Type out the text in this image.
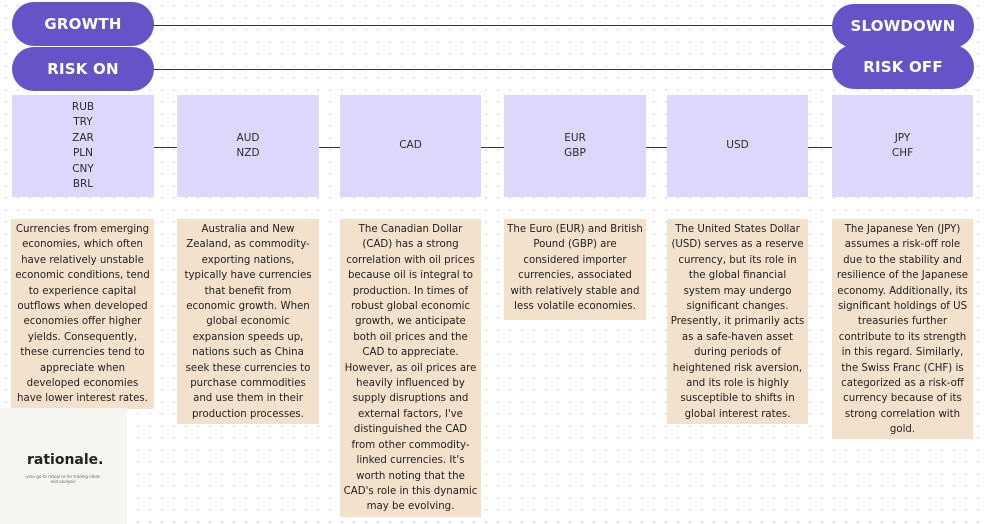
GROWTH
RISK ON
SLOWDOWN
RISK OFF
RUB
TRY
ZAR
PLN
CNY
BRL
AUD
NZD
CAD
EUR
GBP
USD
JPY
CHF
Currencies from emerging economies, which often have relatively unstable economic conditions, tend to experience capital outflows when developed economies offer higher yields. Consequently, these currencies tend to appreciate when developed economies have lower interest rates.
Australia and New Zealand, as commodity-exporting nations, typically have currencies that benefit from economic growth. When global economic expansion speeds up, nations such as China seek these currencies to purchase commodities and use them in their production processes.
The Canadian Dollar (CAD) has a strong correlation with oil prices because oil is integral to production. In times of robust global economic growth, we anticipate both oil prices and the CAD to appreciate. However, as oil prices are heavily influenced by supply disruptions and external factors, I've distinguished the CAD from other commodity-linked currencies. It's worth noting that the CAD's role in this dynamic may be evolving.
The Euro (EUR) and British Pound (GBP) are considered importer currencies, associated with relatively stable and less volatile economies.
The United States Dollar (USD) serves as a reserve currency, but its role in the global financial system may undergo significant changes. Presently, it primarily acts as a safe-haven asset during periods of heightened risk aversion, and its role is highly susceptible to shifts in global interest rates.
The Japanese Yen (JPY) assumes a risk-off role due to the stability and resilience of the Japanese economy. Additionally, its significant holdings of US treasuries further contribute to its strength in this regard. Similarly, the Swiss Franc (CHF) is categorized as a risk-off currency because of its strong correlation with gold.
rationale.
your go-to resource for trading ideas and analysis
